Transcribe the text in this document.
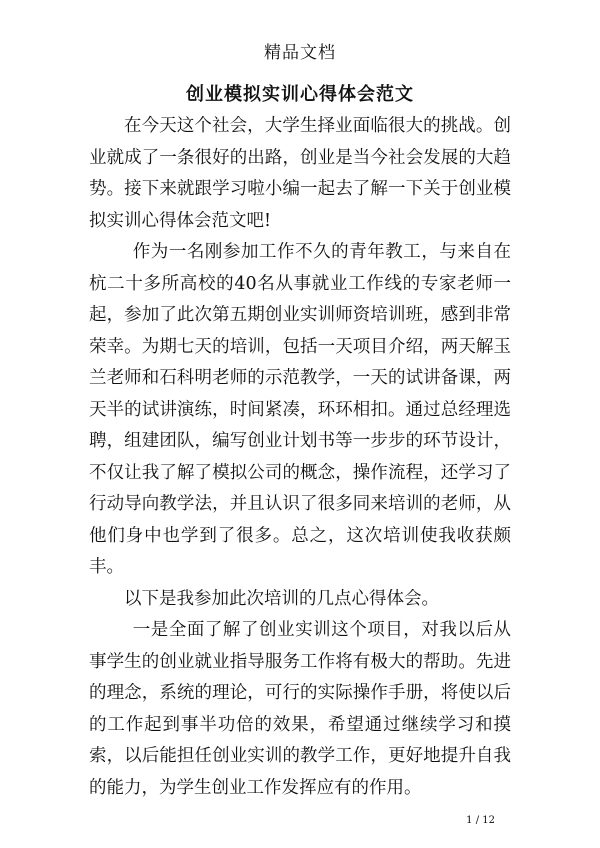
精品文档
创业模拟实训心得体会范文

在今天这个社会，大学生择业面临很大的挑战。创业就成了一条很好的出路，创业是当今社会发展的大趋势。接下来就跟学习啦小编一起去了解一下关于创业模拟实训心得体会范文吧!

作为一名刚参加工作不久的青年教工，与来自在杭二十多所高校的40名从事就业工作线的专家老师一起，参加了此次第五期创业实训师资培训班，感到非常荣幸。为期七天的培训，包括一天项目介绍，两天解玉兰老师和石科明老师的示范教学，一天的试讲备课，两天半的试讲演练，时间紧凑，环环相扣。通过总经理选聘，组建团队，编写创业计划书等一步步的环节设计，不仅让我了解了模拟公司的概念，操作流程，还学习了行动导向教学法，并且认识了很多同来培训的老师，从他们身中也学到了很多。总之，这次培训使我收获颇丰。

以下是我参加此次培训的几点心得体会。

一是全面了解了创业实训这个项目，对我以后从事学生的创业就业指导服务工作将有极大的帮助。先进的理念，系统的理论，可行的实际操作手册，将使以后的工作起到事半功倍的效果，希望通过继续学习和摸索，以后能担任创业实训的教学工作，更好地提升自我的能力，为学生创业工作发挥应有的作用。

1 / 12
